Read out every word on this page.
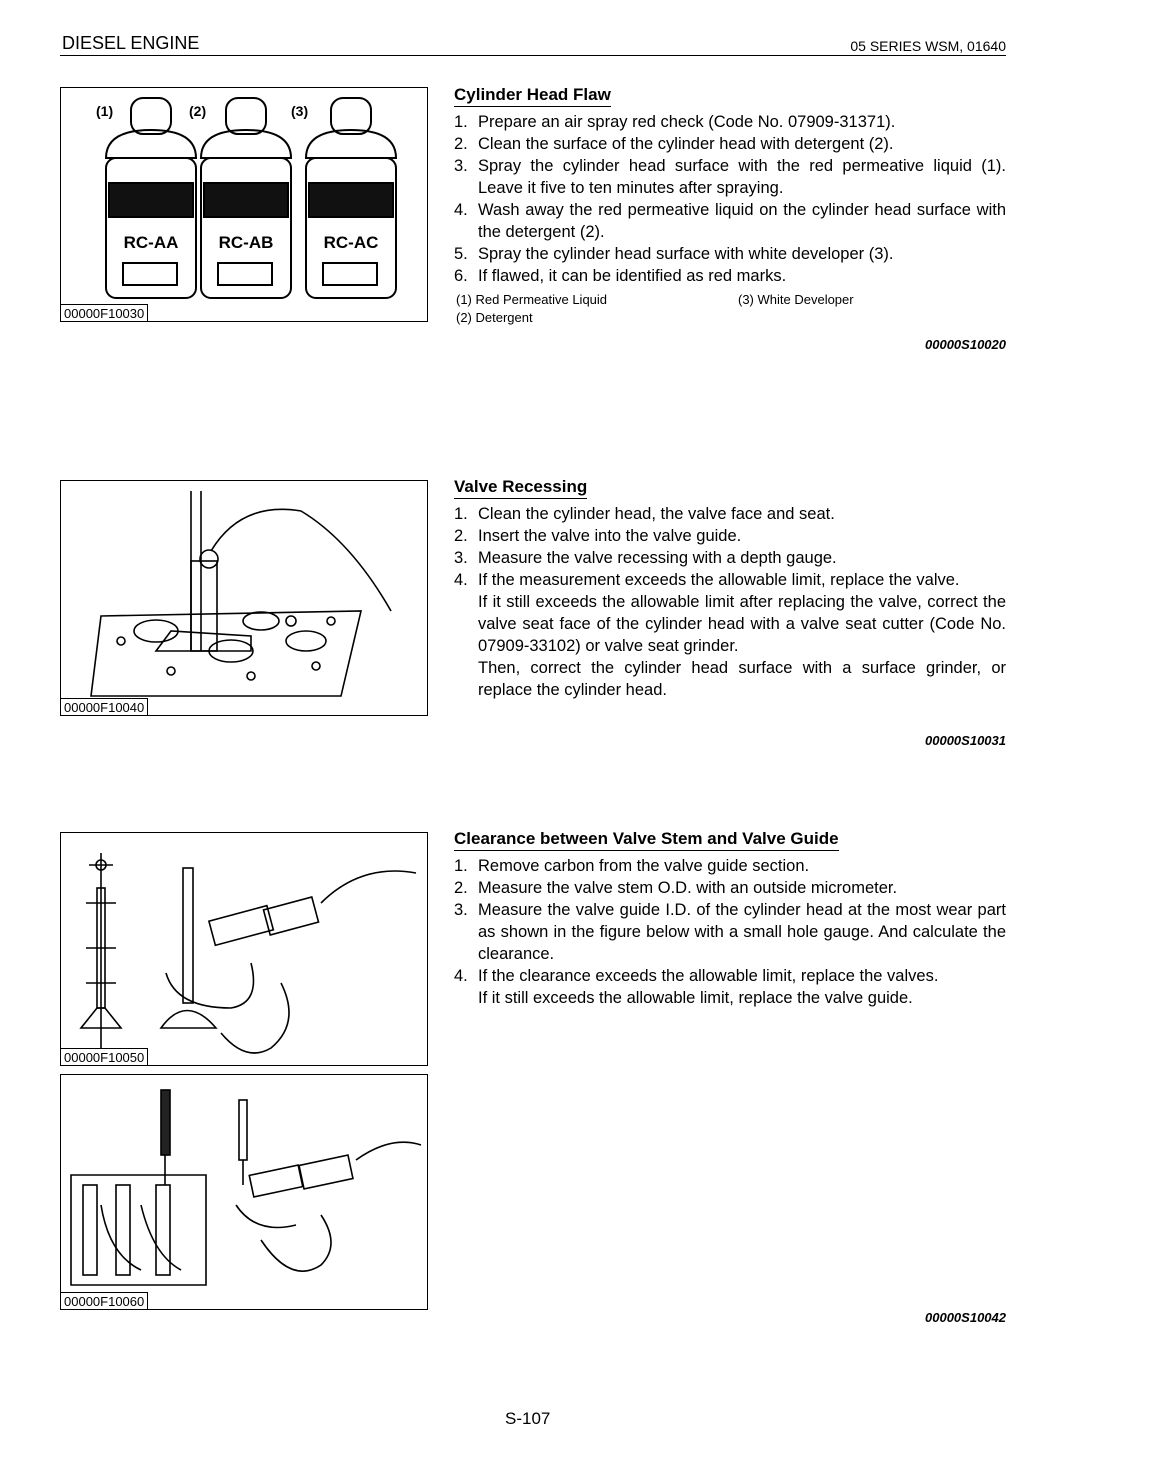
DIESEL ENGINE	05 SERIES WSM, 01640
(1)	(2)	(3)
RC-AA RC-AB	RC-AC
00000F10030
00000F10040
00000F10050
00000F10060
Cylinder Head Flaw
1. Prepare an air spray red check (Code No. 07909-31371).
2. Clean the surface of the cylinder head with detergent (2).
3. Spray the cylinder head surface with the red permeative liquid (1). Leave it five to ten minutes after spraying.
4. Wash away the red permeative liquid on the cylinder head surface with the detergent (2).
5. Spray the cylinder head surface with white developer (3).
6. If flawed, it can be identified as red marks.
(1) Red Permeative Liquid	(3) White Developer
(2) Detergent
00000S10020
Valve Recessing
1. Clean the cylinder head, the valve face and seat.
2. Insert the valve into the valve guide.
3. Measure the valve recessing with a depth gauge.
4. If the measurement exceeds the allowable limit, replace the valve.
If it still exceeds the allowable limit after replacing the valve, correct the valve seat face of the cylinder head with a valve seat cutter (Code No. 07909-33102) or valve seat grinder.
Then, correct the cylinder head surface with a surface grinder, or replace the cylinder head.
00000S10031
Clearance between Valve Stem and Valve Guide
1. Remove carbon from the valve guide section.
2. Measure the valve stem O.D. with an outside micrometer.
3. Measure the valve guide I.D. of the cylinder head at the most wear part as shown in the figure below with a small hole gauge. And calculate the clearance.
4. If the clearance exceeds the allowable limit, replace the valves.
If it still exceeds the allowable limit, replace the valve guide.
00000S10042
S-107
